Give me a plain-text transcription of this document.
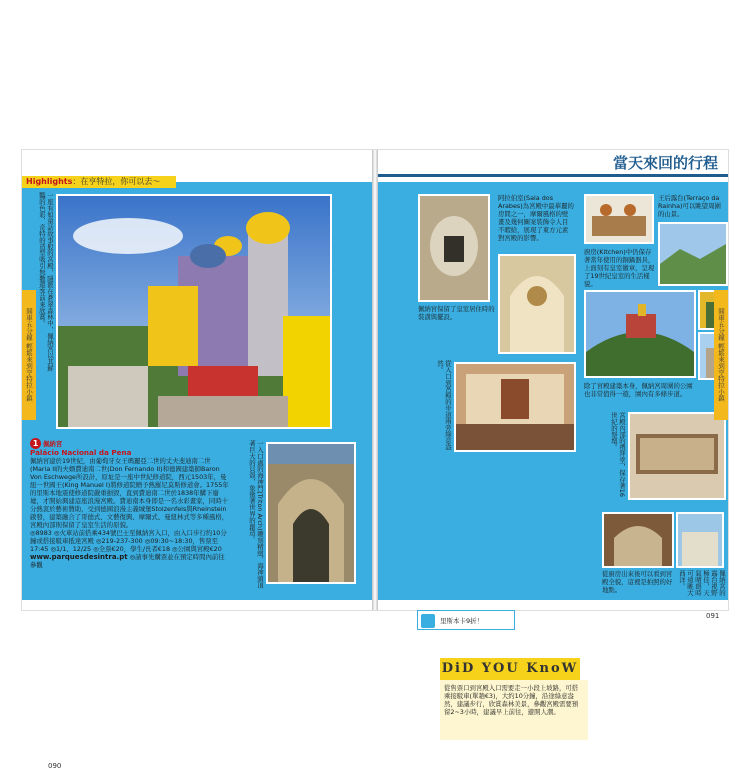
當天來回的行程
Highlights：在亨特拉，你可以去～
一座有如童話故事般的宮殿，隱匿在蒼翠森林中，佩納宮以其鮮豔的色彩、奇特的造型吸引無數遊客前來欣賞。
開車五分鐘 輕鬆來到亨特拉小鎮
1 佩納宮
Palácio Nacional da Pena
佩納宮建於19世紀，由葡萄牙女王瑪麗亞二世的丈夫斐迪南二世(Maria II的夫婿費迪南二世(Don Fernando II)和德國建築師Baron Von Eschwege所設計，原址是一座中世紀修道院，西元1503年，曼紐一世國王(King Manuel I)將修道院贈予熱羅尼莫斯修道會。1755年的里斯本地震使修道院嚴重損毀，直到費迪南二世於1838年購下廢墟，才開始興建這座浪漫宮殿。費迪南本身即是一名水彩畫家，同時十分熱衷於藝術贊助，受到德國浪漫主義城堡Stolzenfels與Rheinstein啟發，建築融合了哥德式、文藝復興、摩爾式、曼紐林式等多種風格，宮殿內部則保留了皇室生活的原貌。
◎8983 ◎火車站前搭乘434號巴士至佩納宮入口，由入口步行約10分鐘或搭接駁車抵達宮殿 ◎219-237-300 ◎09:30~18:30，售票至17:45 ◎1/1、12/25 ◎全票€20，學生/長者€18 ◎公園與宮殿€20 www.parquesdesintra.pt ◎請事先購票並在預定時間內前往參觀	一入口處的海神門(Triton Arch)雕刻精緻，海神頭頂著巨大的貝殼，象徵著世界的創造。
090
阿拉伯室(Sala dos Arabes)為宮殿中最華麗的房間之一，摩爾風格的壁畫及幾何圖案裝飾令人目不暇給，展現了東方元素對宮殿的影響。
佩納宮保留了皇室居住時的裝潢與擺設。
從入口到宮殿的步道兩旁綠意盎然。
王后露台(Terraço da Rainha)可以眺望周圍的山景。
廚房(Kitchen)中仍保存著當年使用的銅鍋器具，上面刻有皇室徽章，呈現了19世紀皇室的生活樣貌。
除了宮殿建築本身，佩納宮周圍的公園也非常值得一遊，園內有多條步道。
宮殿內部的禮拜堂，保存著16世紀的祭壇。
里斯本卡9折！
DiD YOU KnoW
從售票口到宮殿入口需要走一小段上坡路，可搭乘接駁車(單趟€3)，大約10分鐘，沿途綠意盎然，建議步行，欣賞森林美景，參觀宮殿需要預留2~3小時，建議早上前往，避開人潮。
從廚房出來後可以看到宮殿全貌，這裡是拍照的好地點。	佩納宮的露台視野極佳，天氣晴朗時可遠眺大西洋。
開車五分鐘 輕鬆來到亨特拉小鎮
091
